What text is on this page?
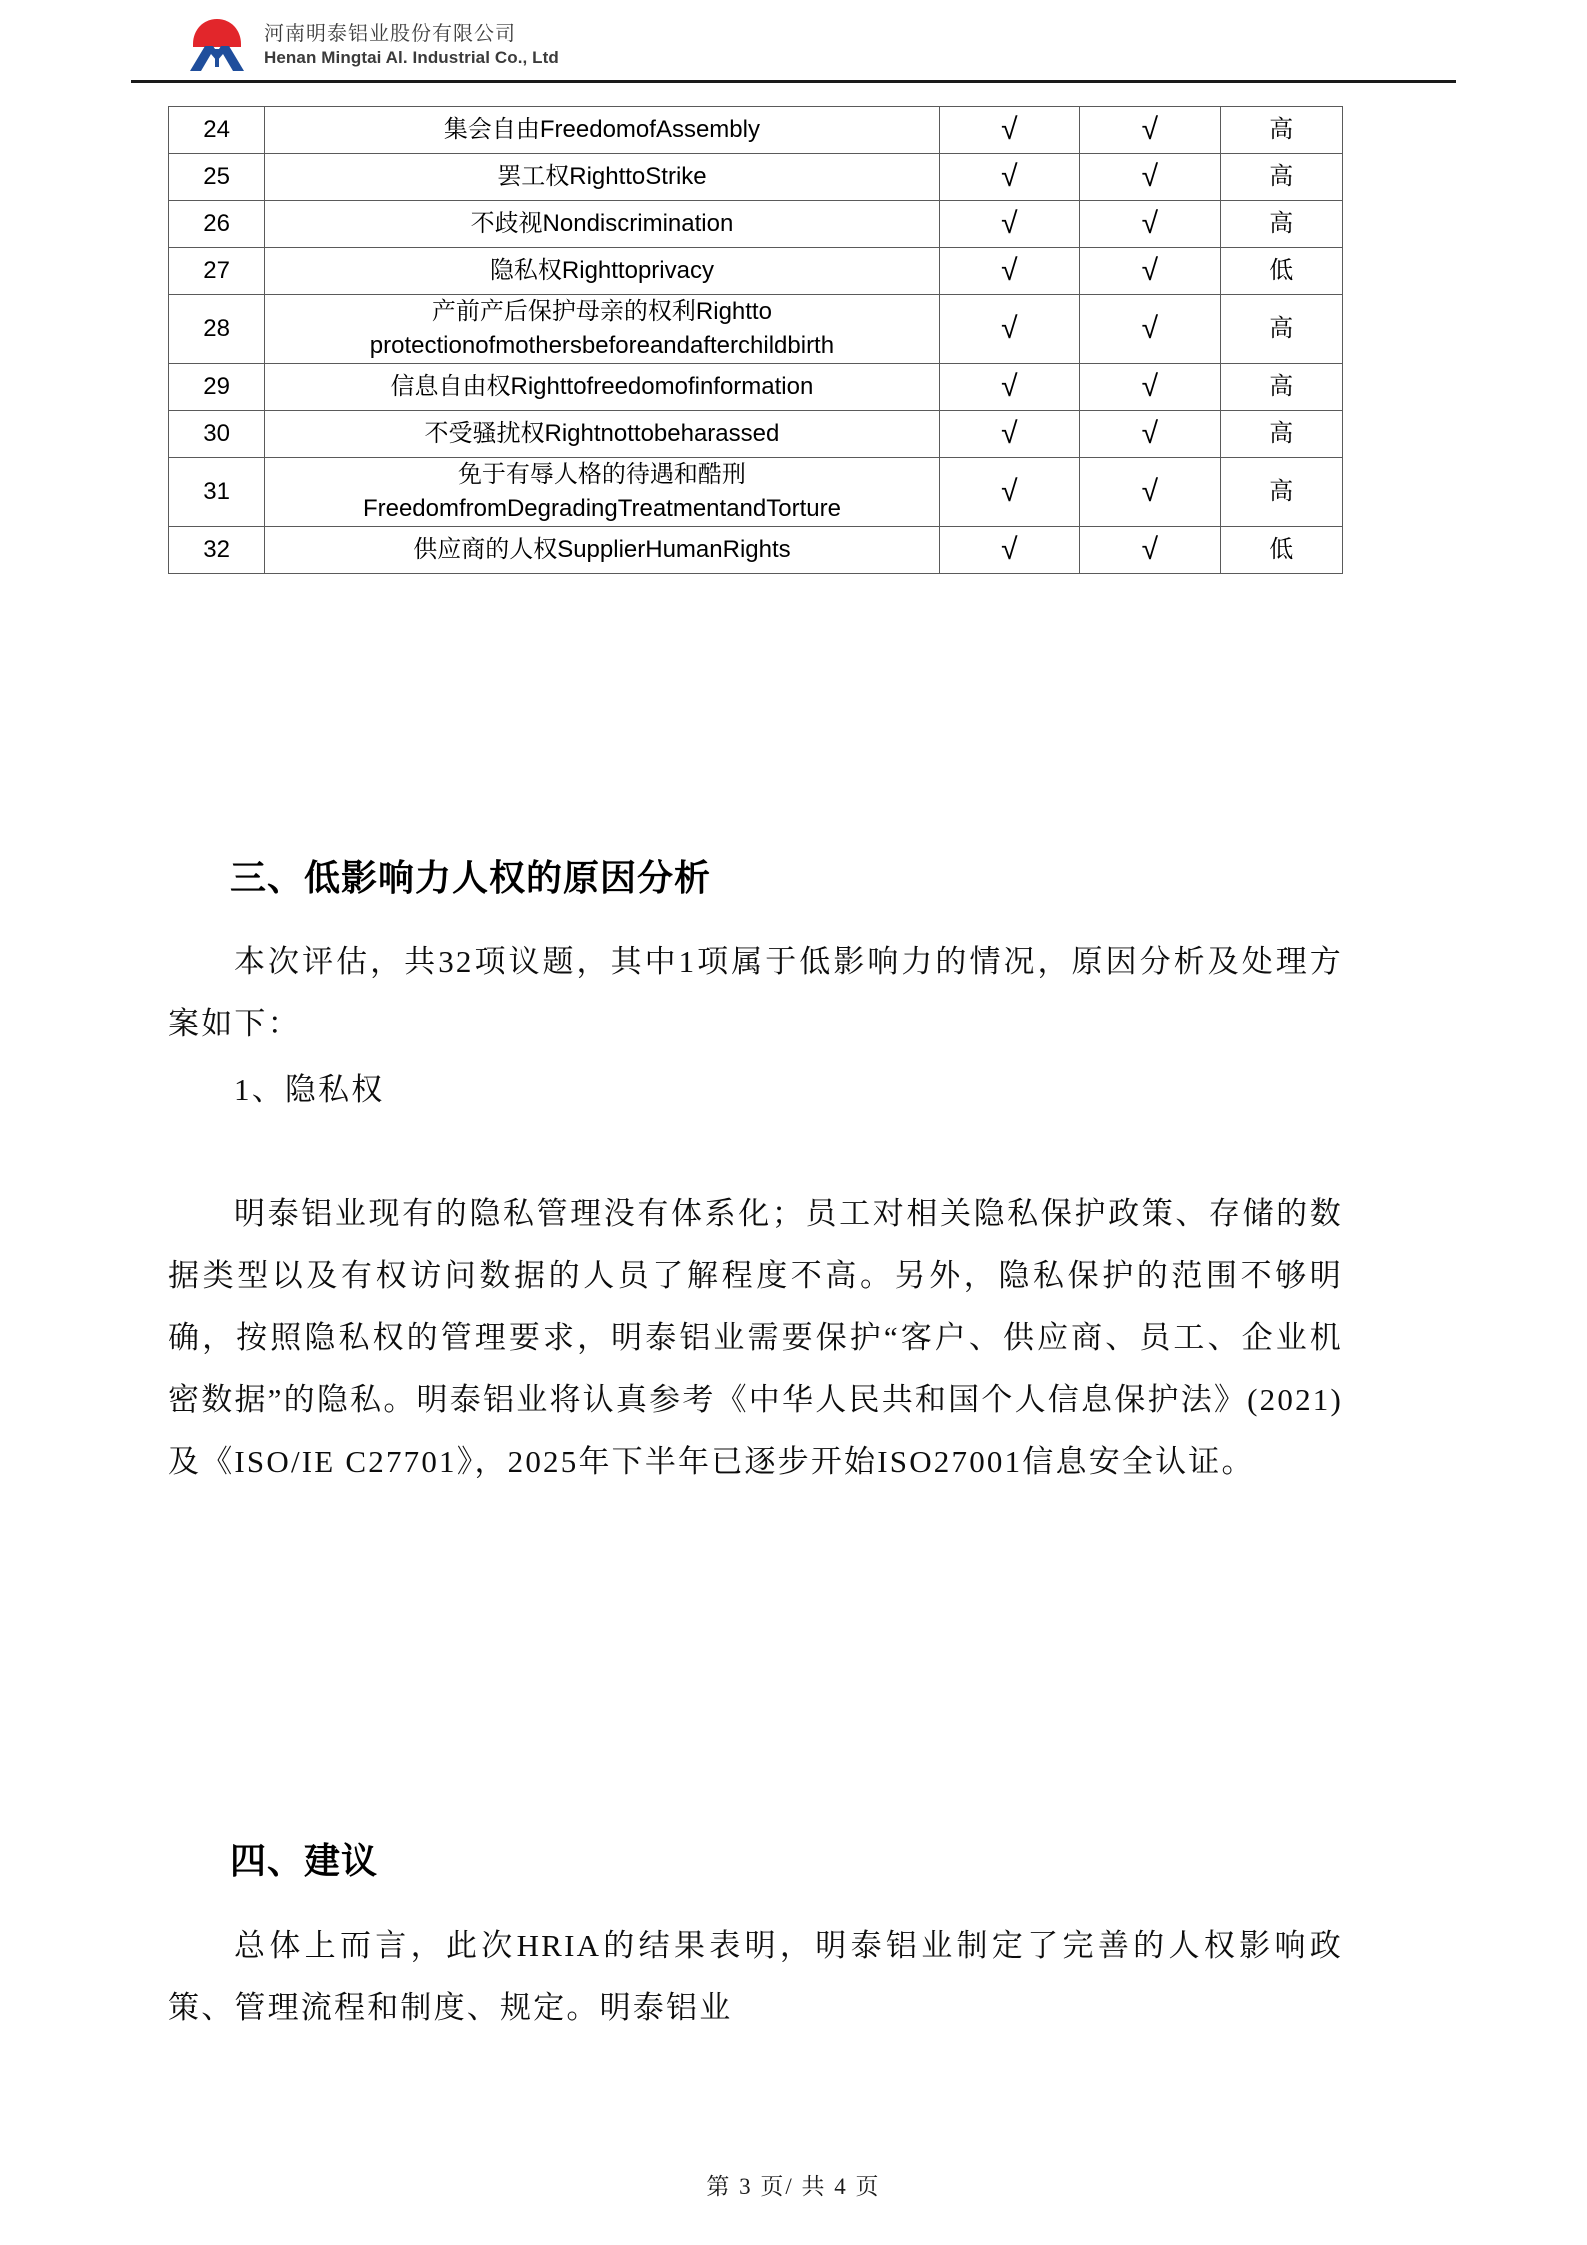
河南明泰铝业股份有限公司
Henan Mingtai Al. Industrial Co., Ltd
24	集会自由FreedomofAssembly	√	√	高
25	罢工权RighttoStrike	√	√	高
26	不歧视Nondiscrimination	√	√	高
27	隐私权Righttoprivacy	√	√	低
28	产前产后保护母亲的权利Rightto protectionofmothersbeforeandafterchildbirth	√	√	高
29	信息自由权Righttofreedomofinformation	√	√	高
30	不受骚扰权Rightnottobeharassed	√	√	高
31	免于有辱人格的待遇和酷刑 FreedomfromDegradingTreatmentandTorture	√	√	高
32	供应商的人权SupplierHumanRights	√	√	低
三、低影响力人权的原因分析

本次评估，共32项议题，其中1项属于低影响力的情况，原因分析及处理方案如下：

1、隐私权

明泰铝业现有的隐私管理没有体系化；员工对相关隐私保护政策、存储的数据类型以及有权访问数据的人员了解程度不高。另外，隐私保护的范围不够明确，按照隐私权的管理要求，明泰铝业需要保护“客户、供应商、员工、企业机密数据”的隐私。明泰铝业将认真参考《中华人民共和国个人信息保护法》(2021)及《ISO/IE C27701》，2025年下半年已逐步开始ISO27001信息安全认证。

四、建议

总体上而言，此次HRIA的结果表明，明泰铝业制定了完善的人权影响政策、管理流程和制度、规定。明泰铝业

第 3 页/ 共 4 页
